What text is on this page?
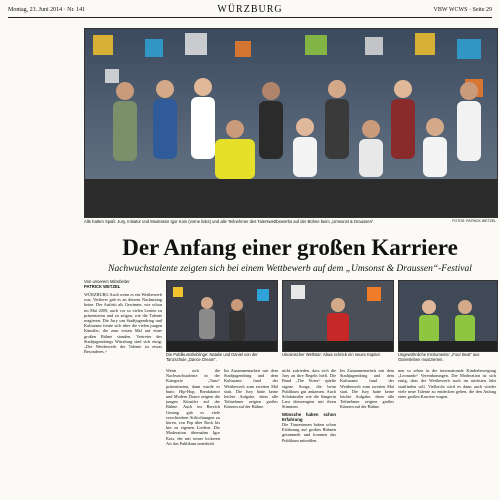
Montag, 23. Juni 2014 · Nr. 141	WÜRZBURG	VBW WCWS · Seite 29
FOTOS: PATRICK WETZEL
Alle hatten Spaß: Jury, Initiator und Moderator Igor Kois (vorne links) und alle Teilnehmer des Talentwettbewerbs auf der Bühne beim „Umsonst & Draussen“.
Der Anfang einer großen Karriere
Nachwuchstalente zeigten sich bei einem Wettbewerb auf dem „Umsonst & Draussen“-Festival
Von unserem Mitarbeiter
PATRICK WETZEL
WÜRZBURG Auch wenn es ein Wettbewerb war, Verlierer gab es an diesem Nachmittag keine. Der Auftritt als Gewinner, wie schon im Mai 2009, auch vor so vielen Leuten zu präsentieren und zu zeigen, wie die Talente reagieren. Die Jury um Stadtjugendring und Kulturamt freute sich über die vielen jungen Künstler, die zum ersten Mal auf einer großen Bühne standen. Vertreter des Stadtjugendrings Würzburg sind sich einig: „Der Wettbewerb der Talente ist etwas Besonderes.“
Die Publikumslieblinge: Natalie und Daniel von der Tanzschule „Dance Dream“.
Ukrainischer Weltstar: Aliwa schrieb ein neues Kapitel.	Ungewöhnliche Instrumente: „Four Beat“ aus Gütersleben musizierten.
Wenn sich die Nachwuchstalente in der Kategorie „Tanz“ präsentierten, dann wurde es bunt: Hip-Hop, Breakdance und Modern Dance zeigten die jungen Künstler auf der Bühne. Auch im Bereich Gesang gab es viele verschiedene Stilrichtungen zu hören, von Pop über Rock bis hin zu eigenen Liedern. Die Moderation übernahm Igor Kois, der mit seiner lockeren Art das Publikum unterhielt.
Im Zusammenarbeit mit dem Stadtjugendring und dem Kulturamt fand der Wettbewerb zum zweiten Mal statt. Die Jury hatte keine leichte Aufgabe, denn alle Teilnehmer zeigten großes Können auf der Bühne.
nicht zufrieden, dass sich die Jury an ihre Regeln hielt. Die Band „The Notes“ spielte eigene Songs, die beim Publikum gut ankamen. Auch Solokünstler wie die Sängerin Lara überzeugten mit ihren Stimmen.
Wünsche haben schon Erfahrung
Die Tänzerinnen haben schon Erfahrung auf großen Bühnen gesammelt und konnten das Publikum mitreißen.
Im Zusammenarbeit mit dem Stadtjugendring und dem Kulturamt fand der Wettbewerb zum zweiten Mal statt. Die Jury hatte keine leichte Aufgabe, denn alle Teilnehmer zeigten großes Können auf der Bühne.
nen so sehen in die internationale Kinderbewegung „Leonardo“ Vereinbarungen. Die Moderation ist sich einig, dass der Wettbewerb auch im nächsten Jahr stattfinden soll. Vielleicht wird es dann auch wieder viele neue Talente zu entdecken geben, die den Anfang einer großen Karriere wagen.
